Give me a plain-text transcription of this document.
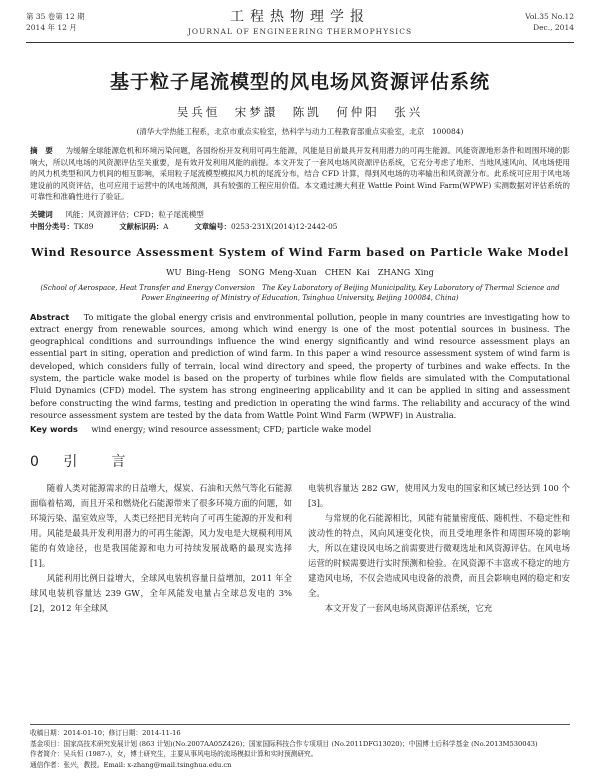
第 35 卷第 12 期
2014 年 12 月
工程热物理学报
JOURNAL OF ENGINEERING THERMOPHYSICS
Vol.35 No.12
Dec., 2014
基于粒子尾流模型的风电场风资源评估系统
吴兵恒　宋梦譞　陈凯　何仲阳　张兴
(清华大学热能工程系，北京市重点实验室，热科学与动力工程教育部重点实验室，北京　100084)
摘　要 　 为缓解全球能源危机和环境污染问题，各国纷纷开发利用可再生能源，风能是目前最具开发利用潜力的可再生能源。风能资源地形条件和周围环境的影响大，所以风电场的风资源评估至关重要，是有效开发利用风能的前提。本文开发了一套风电场风资源评估系统，它充分考虑了地形、当地风速风向、风电场使用的风力机类型和风力机间的相互影响，采用粒子尾流模型模拟风力机的尾流分布，结合 CFD 计算，得到风电场的功率输出和风资源分布。此系统可应用于风电场建设前的风资评估，也可应用于运营中的风电场预测，具有较强的工程应用价值。本文通过澳大利亚 Wattle Point Wind Farm(WPWF) 实测数据对评估系统的可靠性和准确性进行了验证。
关键词 　 风能；风资源评估；CFD；粒子尾流模型
中图分类号：TK89	文献标识码：A	文章编号：0253-231X(2014)12-2442-05
Wind Resource Assessment System of Wind Farm based on Particle Wake Model
WU Bing-Heng　SONG Meng-Xuan　CHEN Kai　ZHANG Xing
(School of Aerospace, Heat Transfer and Energy Conversion　The Key Laboratory of Beijing Municipality, Key Laboratory of Thermal Science and Power Engineering of Ministry of Education, Tsinghua University, Beijing 100084, China)
Abstract 　 To mitigate the global energy crisis and environmental pollution, people in many countries are investigating how to extract energy from renewable sources, among which wind energy is one of the most potential sources in business. The geographical conditions and surroundings influence the wind energy significantly and wind resource assessment plays an essential part in siting, operation and prediction of wind farm. In this paper a wind resource assessment system of wind farm is developed, which considers fully of terrain, local wind directory and speed, the property of turbines and wake effects. In the system, the particle wake model is based on the property of turbines while flow fields are simulated with the Computational Fluid Dynamics (CFD) model. The system has strong engineering applicability and it can be applied in siting and assessment before constructing the wind farms, testing and prediction in operating the wind farms. The reliability and accuracy of the wind resource assessment system are tested by the data from Wattle Point Wind Farm (WPWF) in Australia.
Key words 　 wind energy; wind resource assessment; CFD; particle wake model
0 引　言

随着人类对能源需求的日益增大，煤炭、石油和天然气等化石能源面临着枯竭，而且开采和燃烧化石能源带来了很多环境方面的问题，如环境污染、温室效应等，人类已经把目光转向了可再生能源的开发和利用。风能是最具开发利用潜力的可再生能源，风力发电是大规模利用风能的有效途径，也是我国能源和电力可持续发展战略的最现实选择 [1]。

风能利用比例日益增大，全球风电装机容量日益增加，2011 年全球风电装机容量达 239 GW，全年风能发电量占全球总发电的 3% [2]，2012 年全球风

电装机容量达 282 GW，使用风力发电的国家和区域已经达到 100 个 [3]。

与常规的化石能源相比，风能有能量密度低、随机性、不稳定性和波动性的特点，风向风速变化快，而且受地理条件和周围环境的影响大，所以在建设风电场之前需要进行微观选址和风资源评估。在风电场运营的时候需要进行实时预测和检验。在风资源不丰富或不稳定的地方建造风电场，不仅会造成风电设备的浪费，而且会影响电网的稳定和安全。

本文开发了一套风电场风资源评估系统，它充

收稿日期：2014-01-10；修订日期：2014-11-16
基金项目：国家高技术研究发展计划 (863 计划)(No.2007AA05Z426)；国家国际科技合作专项项目 (No.2011DFG13020)；中国博士后科学基金 (No.2013M530043)
作者简介：吴兵恒 (1987-)，女，博士研究生，主要从事风电场的流场模拟计算和实时预测研究。
通信作者：张兴，教授。Email: x-zhang@mail.tsinghua.edu.cn
